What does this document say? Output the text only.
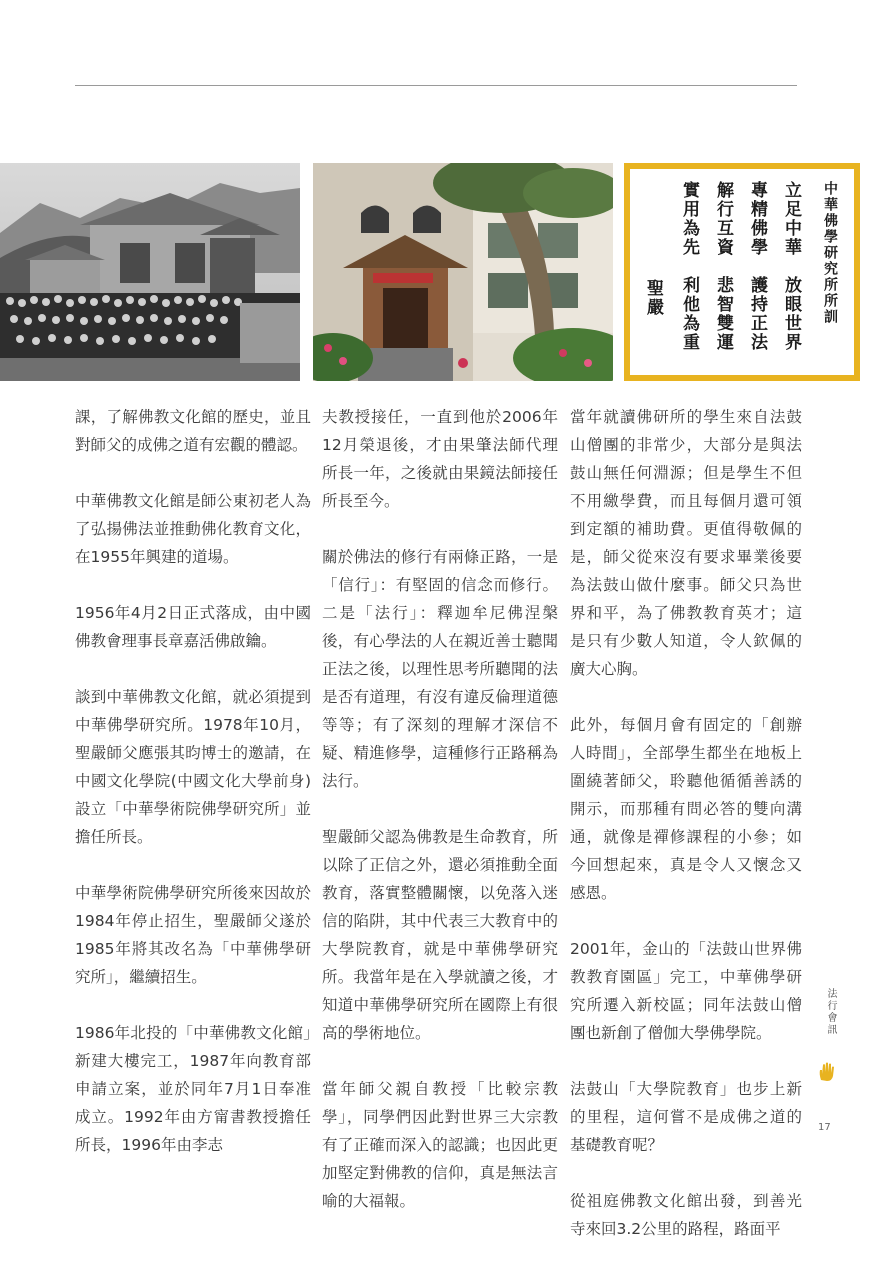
中華佛學研究所所訓
立足中華　放眼世界
專精佛學　護持正法
解行互資　悲智雙運
實用為先　利他為重
聖嚴

課，了解佛教文化館的歷史，並且對師父的成佛之道有宏觀的體認。

中華佛教文化館是師公東初老人為了弘揚佛法並推動佛化教育文化，在1955年興建的道場。

1956年4月2日正式落成，由中國佛教會理事長章嘉活佛啟鑰。

談到中華佛教文化館，就必須提到中華佛學研究所。1978年10月，聖嚴師父應張其昀博士的邀請，在中國文化學院(中國文化大學前身)設立「中華學術院佛學研究所」並擔任所長。

中華學術院佛學研究所後來因故於1984年停止招生，聖嚴師父遂於1985年將其改名為「中華佛學研究所」，繼續招生。

1986年北投的「中華佛教文化館」新建大樓完工，1987年向教育部申請立案，並於同年7月1日奉准成立。1992年由方甯書教授擔任所長，1996年由李志

夫教授接任，一直到他於2006年12月榮退後，才由果肇法師代理所長一年，之後就由果鏡法師接任所長至今。

關於佛法的修行有兩條正路，一是「信行」：有堅固的信念而修行。二是「法行」：釋迦牟尼佛涅槃後，有心學法的人在親近善士聽聞正法之後，以理性思考所聽聞的法是否有道理，有沒有違反倫理道德等等；有了深刻的理解才深信不疑、精進修學，這種修行正路稱為法行。

聖嚴師父認為佛教是生命教育，所以除了正信之外，還必須推動全面教育，落實整體關懷，以免落入迷信的陷阱，其中代表三大教育中的大學院教育，就是中華佛學研究所。我當年是在入學就讀之後，才知道中華佛學研究所在國際上有很高的學術地位。

當年師父親自教授「比較宗教學」，同學們因此對世界三大宗教有了正確而深入的認識；也因此更加堅定對佛教的信仰，真是無法言喻的大福報。

當年就讀佛研所的學生來自法鼓山僧團的非常少，大部分是與法鼓山無任何淵源；但是學生不但不用繳學費，而且每個月還可領到定額的補助費。更值得敬佩的是，師父從來沒有要求畢業後要為法鼓山做什麼事。師父只為世界和平，為了佛教教育英才；這是只有少數人知道，令人欽佩的廣大心胸。

此外，每個月會有固定的「創辦人時間」，全部學生都坐在地板上圍繞著師父，聆聽他循循善誘的開示，而那種有問必答的雙向溝通，就像是禪修課程的小參；如今回想起來，真是令人又懷念又感恩。

2001年，金山的「法鼓山世界佛教教育園區」完工，中華佛學研究所遷入新校區；同年法鼓山僧團也新創了僧伽大學佛學院。

法鼓山「大學院教育」也步上新的里程，這何嘗不是成佛之道的基礎教育呢？

從祖庭佛教文化館出發，到善光寺來回3.2公里的路程，路面平

法行會訊
17
